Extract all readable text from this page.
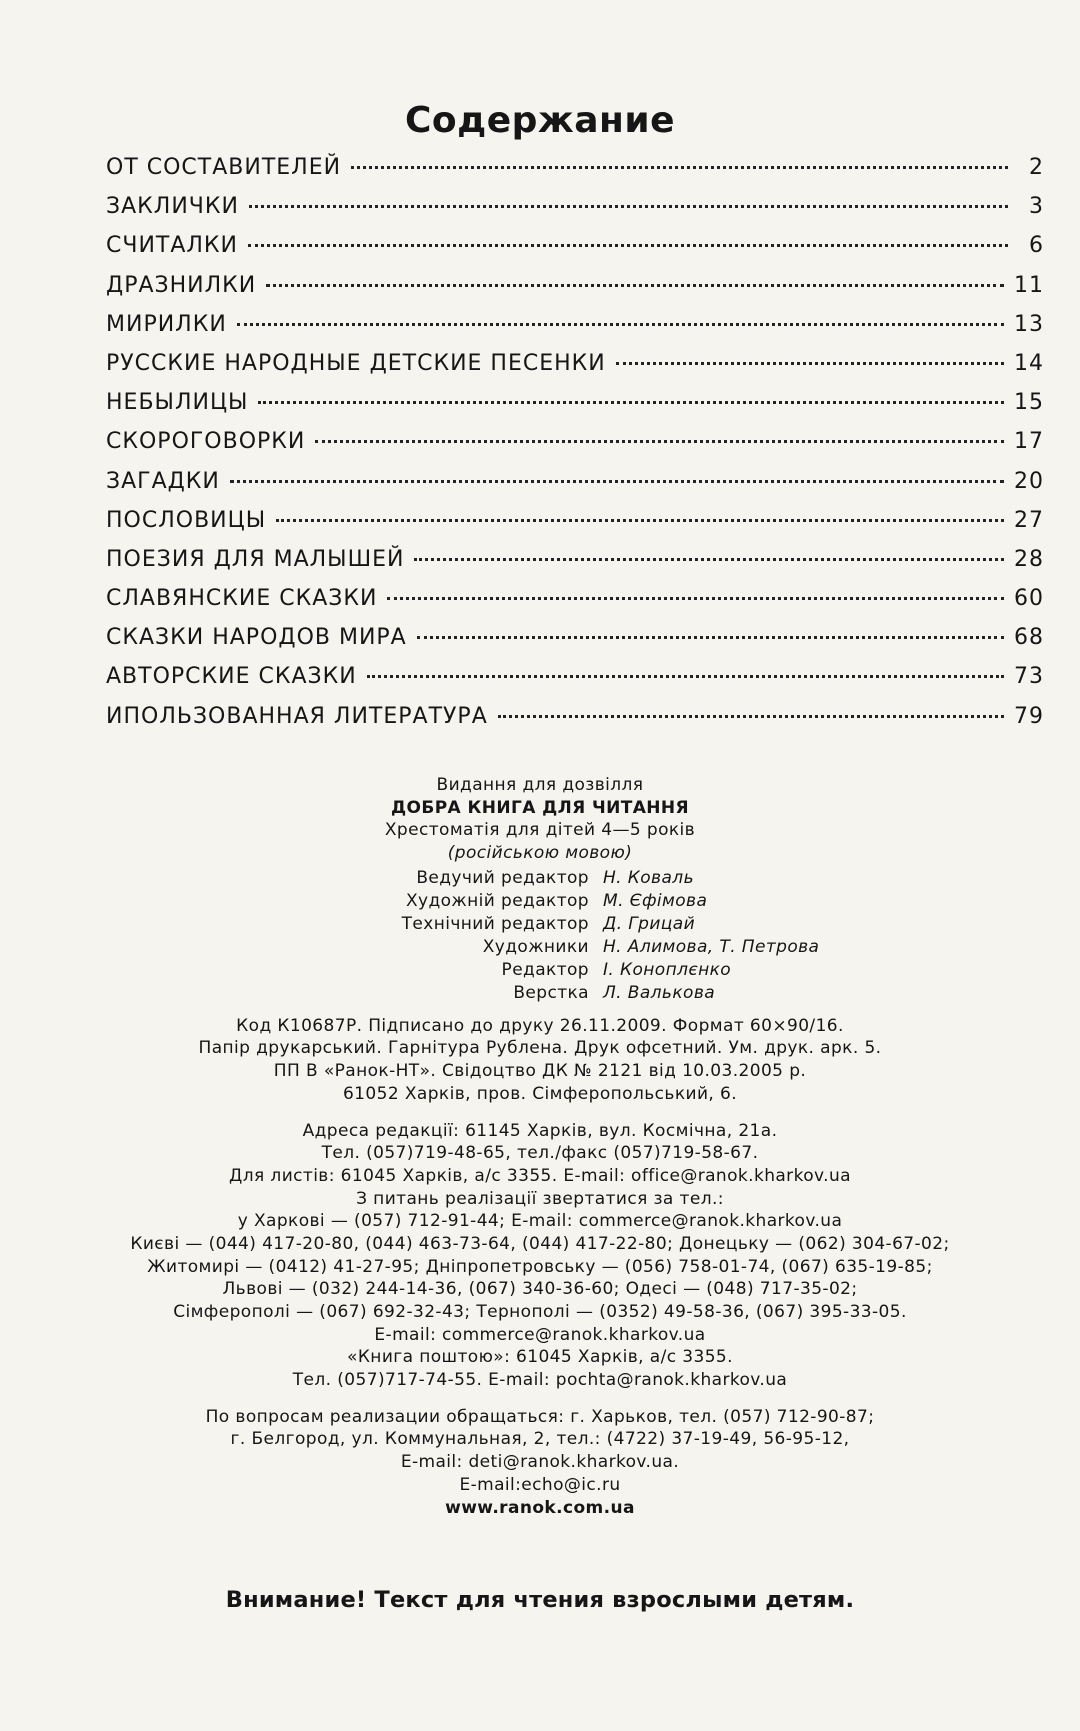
Содержание
ОТ СОСТАВИТЕЛЕЙ	2
ЗАКЛИЧКИ	3
СЧИТАЛКИ	6
ДРАЗНИЛКИ	11
МИРИЛКИ	13
РУССКИЕ НАРОДНЫЕ ДЕТСКИЕ ПЕСЕНКИ	14
НЕБЫЛИЦЫ	15
СКОРОГОВОРКИ	17
ЗАГАДКИ	20
ПОСЛОВИЦЫ	27
ПОЕЗИЯ ДЛЯ МАЛЫШЕЙ	28
СЛАВЯНСКИЕ СКАЗКИ	60
СКАЗКИ НАРОДОВ МИРА	68
АВТОРСКИЕ СКАЗКИ	73
ИПОЛЬЗОВАННАЯ ЛИТЕРАТУРА	79
Видання для дозвілля
ДОБРА КНИГА ДЛЯ ЧИТАННЯ
Хрестоматія для дітей 4—5 років
(російською мовою)
Ведучий редактор Н. Коваль
Художній редактор М. Єфімова
Технічний редактор Д. Грицай
Художники Н. Алимова, Т. Петрова
Редактор І. Коноплєнко
Верстка Л. Валькова
Код К10687Р. Підписано до друку 26.11.2009. Формат 60×90/16.
Папір друкарський. Гарнітура Рублена. Друк офсетний. Ум. друк. арк. 5.
ПП В «Ранок-НТ». Свідоцтво ДК № 2121 від 10.03.2005 р.
61052 Харків, пров. Сімферопольський, 6.
Адреса редакції: 61145 Харків, вул. Космічна, 21а.
Тел. (057)719-48-65, тел./факс (057)719-58-67.
Для листів: 61045 Харків, а/с 3355. E-mail: office@ranok.kharkov.ua
З питань реалізації звертатися за тел.:
у Харкові — (057) 712-91-44; E-mail: commerce@ranok.kharkov.ua
Києві — (044) 417-20-80, (044) 463-73-64, (044) 417-22-80; Донецьку — (062) 304-67-02;
Житомирі — (0412) 41-27-95; Дніпропетровську — (056) 758-01-74, (067) 635-19-85;
Львові — (032) 244-14-36, (067) 340-36-60; Одесі — (048) 717-35-02;
Сімферополі — (067) 692-32-43; Тернополі — (0352) 49-58-36, (067) 395-33-05.
E-mail: commerce@ranok.kharkov.ua
«Книга поштою»: 61045 Харків, а/с 3355.
Тел. (057)717-74-55. E-mail: pochta@ranok.kharkov.ua
По вопросам реализации обращаться: г. Харьков, тел. (057) 712-90-87;
г. Белгород, ул. Коммунальная, 2, тел.: (4722) 37-19-49, 56-95-12,
E-mail: deti@ranok.kharkov.ua.
E-mail:echo@ic.ru
www.ranok.com.ua
Внимание! Текст для чтения взрослыми детям.
